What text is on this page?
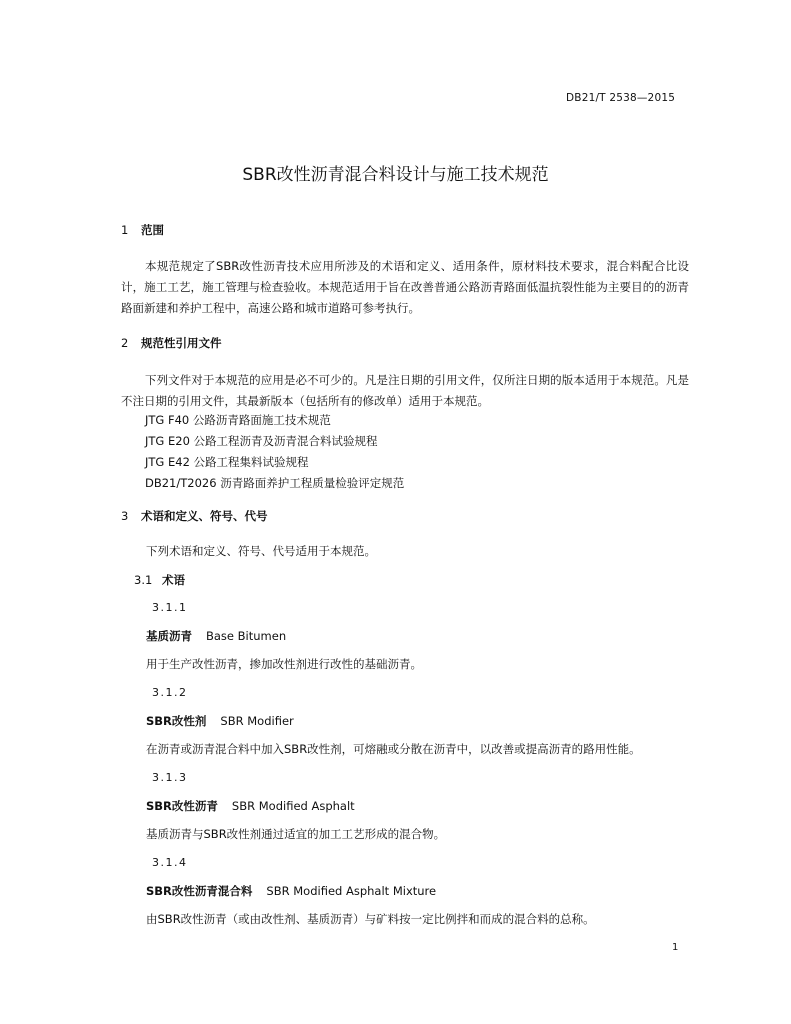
DB21/T 2538—2015
SBR改性沥青混合料设计与施工技术规范
1 范围
本规范规定了SBR改性沥青技术应用所涉及的术语和定义、适用条件，原材料技术要求，混合料配合比设计，施工工艺，施工管理与检查验收。本规范适用于旨在改善普通公路沥青路面低温抗裂性能为主要目的的沥青路面新建和养护工程中，高速公路和城市道路可参考执行。
2 规范性引用文件
下列文件对于本规范的应用是必不可少的。凡是注日期的引用文件，仅所注日期的版本适用于本规范。凡是不注日期的引用文件，其最新版本（包括所有的修改单）适用于本规范。
JTG F40 公路沥青路面施工技术规范
JTG E20 公路工程沥青及沥青混合料试验规程
JTG E42 公路工程集料试验规程
DB21/T2026 沥青路面养护工程质量检验评定规范
3 术语和定义、符号、代号
下列术语和定义、符号、代号适用于本规范。
3.1 术语
3.1.1
基质沥青 Base Bitumen
用于生产改性沥青，掺加改性剂进行改性的基础沥青。
3.1.2
SBR改性剂 SBR Modifier
在沥青或沥青混合料中加入SBR改性剂，可熔融或分散在沥青中，以改善或提高沥青的路用性能。
3.1.3
SBR改性沥青 SBR Modified Asphalt
基质沥青与SBR改性剂通过适宜的加工工艺形成的混合物。
3.1.4
SBR改性沥青混合料 SBR Modified Asphalt Mixture
由SBR改性沥青（或由改性剂、基质沥青）与矿料按一定比例拌和而成的混合料的总称。
1
